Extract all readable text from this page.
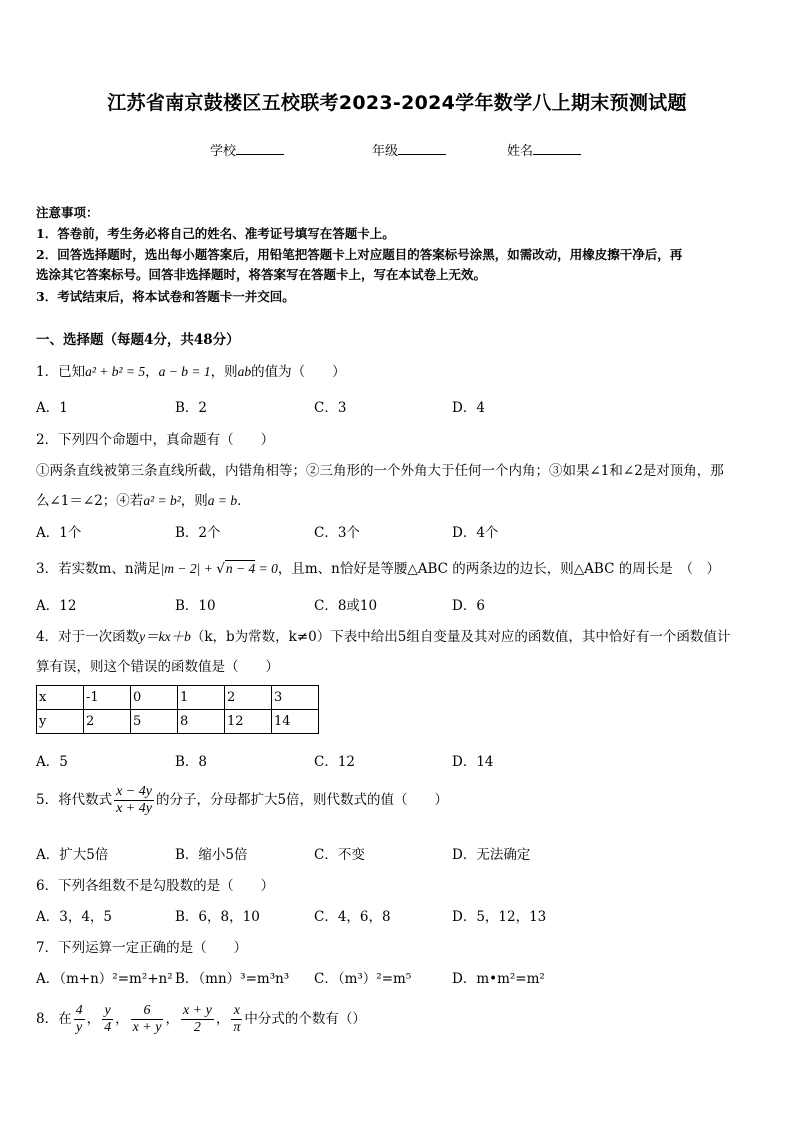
江苏省南京鼓楼区五校联考2023-2024学年数学八上期末预测试题
学校	年级	姓名
注意事项：
1．答卷前，考生务必将自己的姓名、准考证号填写在答题卡上。
2．回答选择题时，选出每小题答案后，用铅笔把答题卡上对应题目的答案标号涂黑，如需改动，用橡皮擦干净后，再
选涂其它答案标号。回答非选择题时，将答案写在答题卡上，写在本试卷上无效。
3．考试结束后，将本试卷和答题卡一并交回。
一、选择题（每题4分，共48分）
1．已知a² + b² = 5，a − b = 1，则ab的值为（　　）
A．1	B．2	C．3	D．4
2．下列四个命题中，真命题有（　　）
①两条直线被第三条直线所截，内错角相等；②三角形的一个外角大于任何一个内角；③如果∠1和∠2是对顶角，那
么∠1＝∠2；④若a² = b²，则a = b．
A．1个	B．2个	C．3个	D．4个
3．若实数m、n满足|m − 2| + √n − 4 = 0，且m、n恰好是等腰△ABC 的两条边的边长，则△ABC 的周长是　（　）
A．12	B．10	C．8或10	D．6
4．对于一次函数y＝kx＋b（k，b为常数，k≠0）下表中给出5组自变量及其对应的函数值，其中恰好有一个函数值计
算有误，则这个错误的函数值是（　　）
x	-1	0	1	2	3
y	2	5	8	12	14
A．5	B．8	C．12	D．14
5．将代数式 $\frac{x - 4y}{x + 4y}$ 的分子，分母都扩大5倍，则代数式的值（　　）
A．扩大5倍	B．缩小5倍	C．不变	D．无法确定
6．下列各组数不是勾股数的是（　　）
A．3，4，5	B．6，8，10	C．4，6，8	D．5，12，13
7．下列运算一定正确的是（　　）
A．（m+n）²=m²+n² B．（mn）³=m³n³ C．（m³）²=m⁵	D．m•m²=m²
8．在 $\frac{4}{y}$ ， $\frac{y}{4}$ ， $\frac{6}{x + y}$ ， $\frac{x + y}{2}$ ， $\frac{x}{\pi}$ 中分式的个数有（）
